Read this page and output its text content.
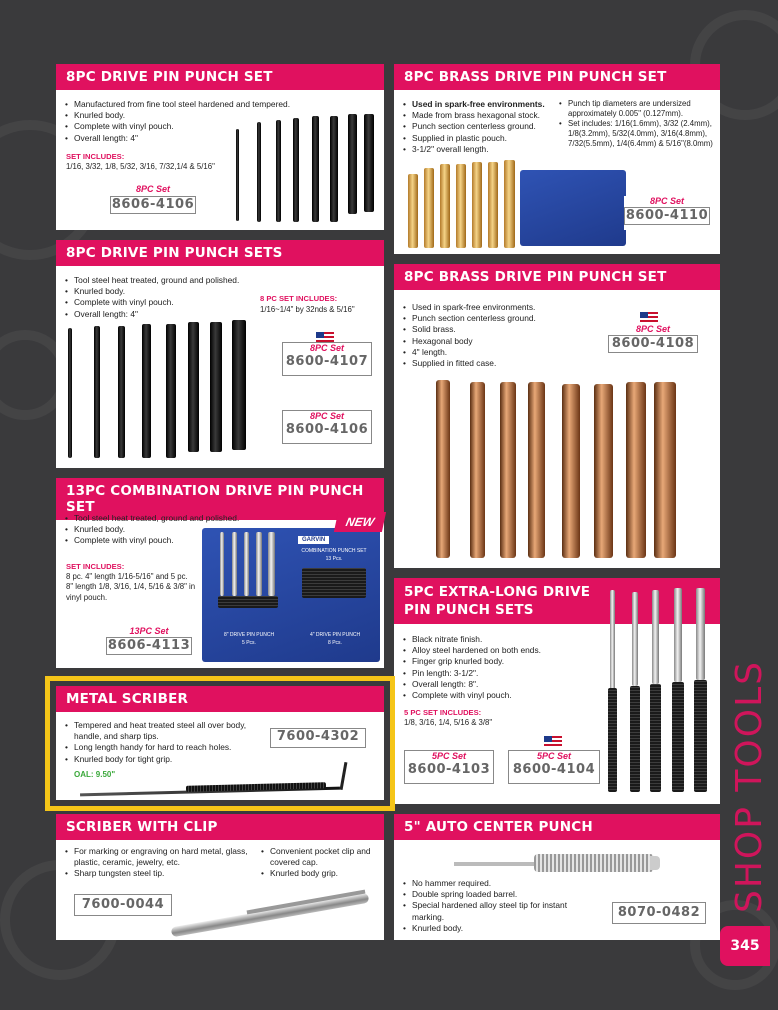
8PC DRIVE PIN PUNCH SET
• Manufactured from fine tool steel hardened and tempered.
• Knurled body.
• Complete with vinyl pouch.
• Overall length: 4"
SET INCLUDES:
1/16, 3/32, 1/8, 5/32, 3/16, 7/32,1/4 & 5/16"
8PC Set
8606-4106
8PC BRASS DRIVE PIN PUNCH SET
• Used in spark-free environments.
• Made from brass hexagonal stock.
• Punch section centerless ground.
• Supplied in plastic pouch.
• 3-1/2" overall length.
• Punch tip diameters are undersized approximately 0.005" (0.127mm).
• Set includes: 1/16(1.6mm), 3/32 (2.4mm), 1/8(3.2mm), 5/32(4.0mm), 3/16(4.8mm), 7/32(5.5mm), 1/4(6.4mm) & 5/16"(8.0mm)
8PC Set
8600-4110
8PC DRIVE PIN PUNCH SETS
• Tool steel heat treated, ground and polished.
• Knurled body.
• Complete with vinyl pouch.
• Overall length: 4"
8 PC SET INCLUDES:
1/16~1/4" by 32nds & 5/16"
8PC Set
8600-4107
8PC Set
8600-4106
8PC BRASS DRIVE PIN PUNCH SET
• Used in spark-free environments.
• Punch section centerless ground.
• Solid brass.
• Hexagonal body
• 4" length.
• Supplied in fitted case.
8PC Set
8600-4108
13PC COMBINATION DRIVE PIN PUNCH SET
• Tool steel heat treated, ground and polished.
• Knurled body.
• Complete with vinyl pouch.
SET INCLUDES:
8 pc. 4" length 1/16-5/16" and 5 pc. 8" length 1/8, 3/16, 1/4, 5/16 & 3/8" in vinyl pouch.
13PC Set
8606-4113
GARVIN
COMBINATION PUNCH SET
13 Pcs.
8" DRIVE PIN PUNCH
5 Pcs.
4" DRIVE PIN PUNCH
8 Pcs.
NEW
5PC EXTRA-LONG DRIVE
PIN PUNCH SETS
• Black nitrate finish.
• Alloy steel hardened on both ends.
• Finger grip knurled body.
• Pin length: 3-1/2".
• Overall length: 8".
• Complete with vinyl pouch.
5 PC SET INCLUDES:
1/8, 3/16, 1/4, 5/16 & 3/8"
5PC Set
8600-4103
5PC Set
8600-4104
METAL SCRIBER
• Tempered and heat treated steel all over body, handle, and sharp tips.
• Long length handy for hard to reach holes.
• Knurled body for tight grip.
7600-4302
OAL: 9.50"
SCRIBER WITH CLIP
• For marking or engraving on hard metal, glass, plastic, ceramic, jewelry, etc.
• Sharp tungsten steel tip.
• Convenient pocket clip and covered cap.
• Knurled body grip.
7600-0044
5" AUTO CENTER PUNCH
• No hammer required.
• Double spring loaded barrel.
• Special hardened alloy steel tip for instant marking.
• Knurled body.
8070-0482 SHOP TOOLS
345
